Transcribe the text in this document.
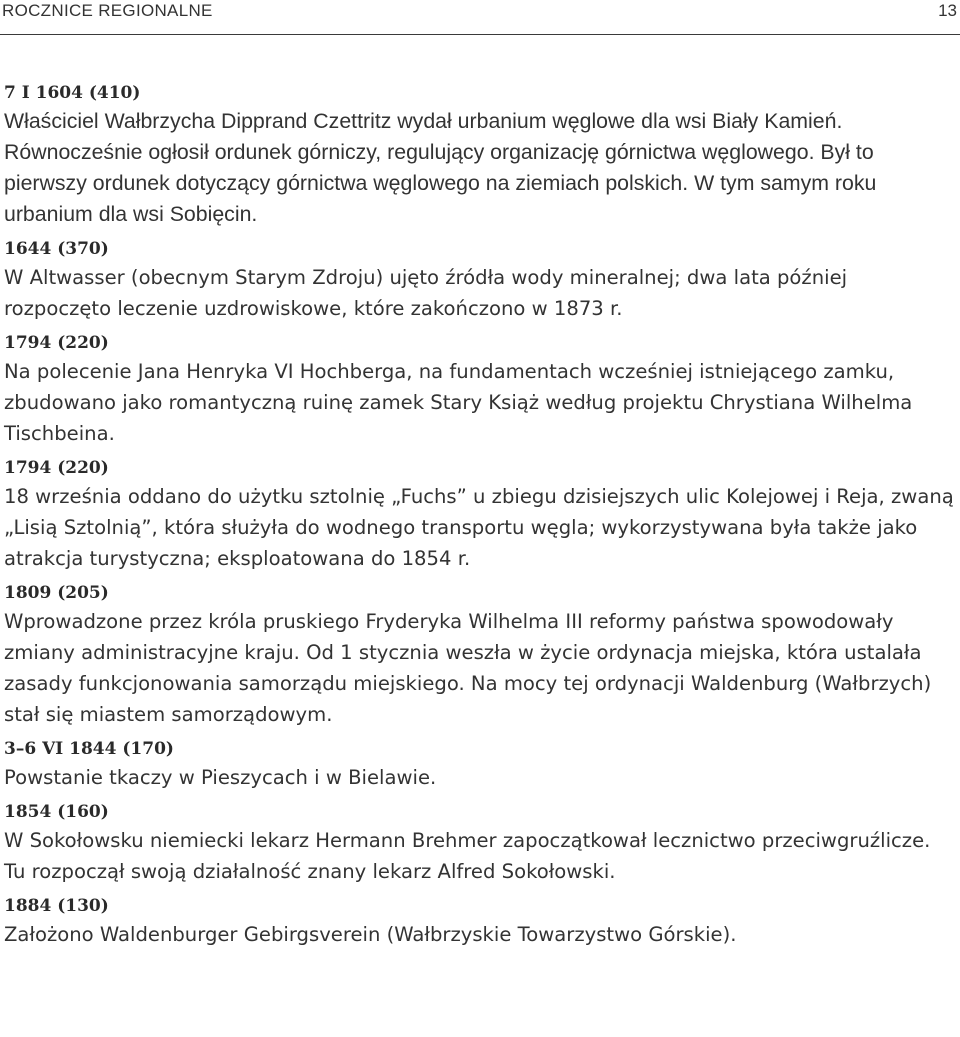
ROCZNICE REGIONALNE	13
7 I 1604 (410)
Właściciel Wałbrzycha Dipprand Czettritz wydał urbanium węglowe dla wsi Biały Kamień. Równocześnie ogłosił ordunek górniczy, regulujący organizację górnictwa węglowego. Był to pierwszy ordunek dotyczący górnictwa węglowego na ziemiach polskich. W tym samym roku urbanium dla wsi Sobięcin.
1644 (370)
W Altwasser (obecnym Starym Zdroju) ujęto źródła wody mineralnej; dwa lata później rozpoczęto leczenie uzdrowiskowe, które zakończono w 1873 r.
1794 (220)
Na polecenie Jana Henryka VI Hochberga, na fundamentach wcześniej istniejącego zamku, zbudowano jako romantyczną ruinę zamek Stary Książ według projektu Chrystiana Wilhelma Tischbeina.
1794 (220)
18 września oddano do użytku sztolnię „Fuchs” u zbiegu dzisiejszych ulic Kolejowej i Reja, zwaną „Lisią Sztolnią”, która służyła do wodnego transportu węgla; wykorzystywana była także jako atrakcja turystyczna; eksploatowana do 1854 r.
1809 (205)
Wprowadzone przez króla pruskiego Fryderyka Wilhelma III reformy państwa spowodowały zmiany administracyjne kraju. Od 1 stycznia weszła w życie ordynacja miejska, która ustalała zasady funkcjonowania samorządu miejskiego. Na mocy tej ordynacji Waldenburg (Wałbrzych) stał się miastem samorządowym.
3–6 VI 1844 (170)
Powstanie tkaczy w Pieszycach i w Bielawie.
1854 (160)
W Sokołowsku niemiecki lekarz Hermann Brehmer zapoczątkował lecznictwo przeciwgruźlicze. Tu rozpoczął swoją działalność znany lekarz Alfred Sokołowski.
1884 (130)
Założono Waldenburger Gebirgsverein (Wałbrzyskie Towarzystwo Górskie).
